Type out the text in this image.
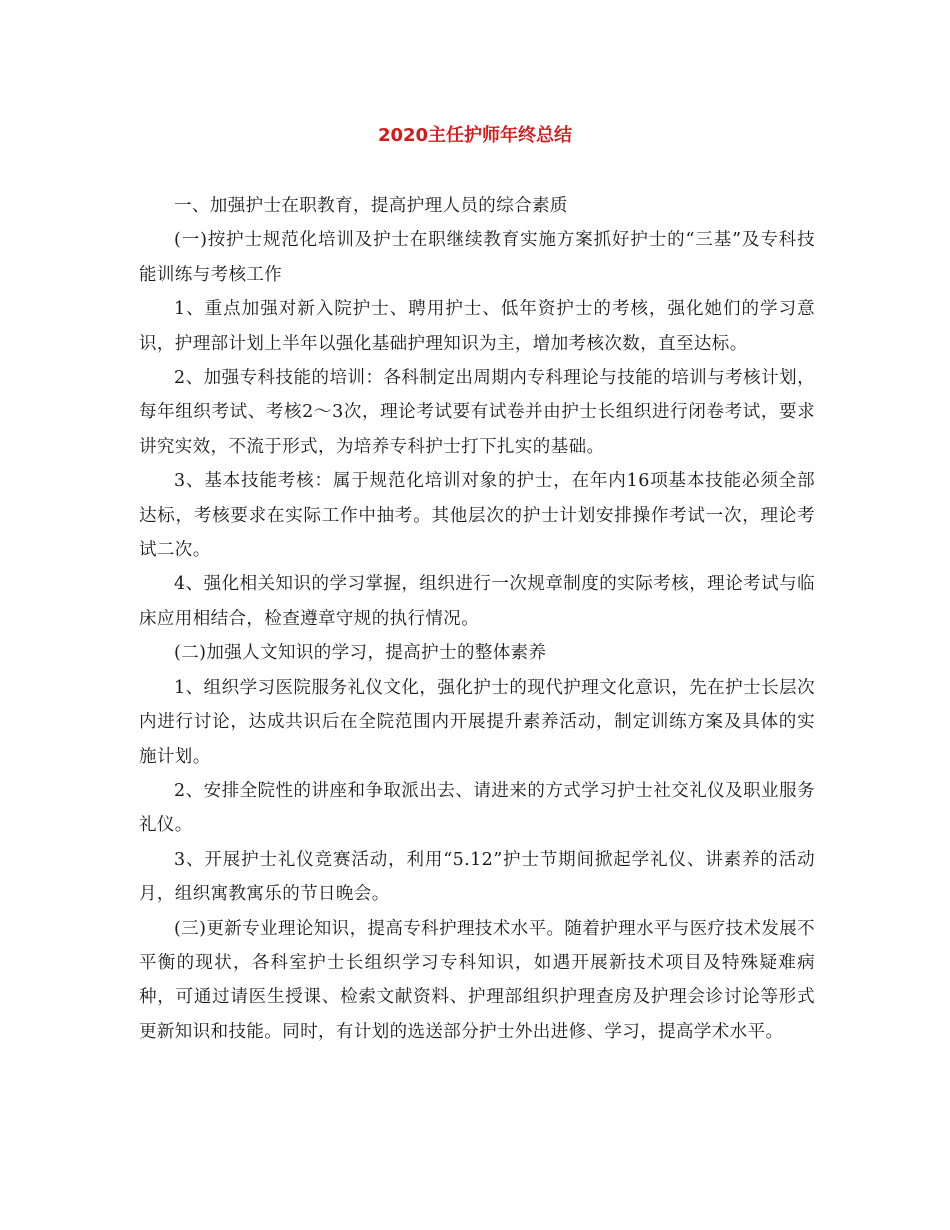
2020主任护师年终总结

一、加强护士在职教育，提高护理人员的综合素质

(一)按护士规范化培训及护士在职继续教育实施方案抓好护士的“三基”及专科技能训练与考核工作

1、重点加强对新入院护士、聘用护士、低年资护士的考核，强化她们的学习意识，护理部计划上半年以强化基础护理知识为主，增加考核次数，直至达标。

2、加强专科技能的培训：各科制定出周期内专科理论与技能的培训与考核计划，每年组织考试、考核2～3次，理论考试要有试卷并由护士长组织进行闭卷考试，要求讲究实效，不流于形式，为培养专科护士打下扎实的基础。

3、基本技能考核：属于规范化培训对象的护士，在年内16项基本技能必须全部达标，考核要求在实际工作中抽考。其他层次的护士计划安排操作考试一次，理论考试二次。

4、强化相关知识的学习掌握，组织进行一次规章制度的实际考核，理论考试与临床应用相结合，检查遵章守规的执行情况。

(二)加强人文知识的学习，提高护士的整体素养

1、组织学习医院服务礼仪文化，强化护士的现代护理文化意识，先在护士长层次内进行讨论，达成共识后在全院范围内开展提升素养活动，制定训练方案及具体的实施计划。

2、安排全院性的讲座和争取派出去、请进来的方式学习护士社交礼仪及职业服务礼仪。

3、开展护士礼仪竞赛活动，利用“5.12”护士节期间掀起学礼仪、讲素养的活动月，组织寓教寓乐的节日晚会。

(三)更新专业理论知识，提高专科护理技术水平。随着护理水平与医疗技术发展不平衡的现状，各科室护士长组织学习专科知识，如遇开展新技术项目及特殊疑难病种，可通过请医生授课、检索文献资料、护理部组织护理查房及护理会诊讨论等形式更新知识和技能。同时，有计划的选送部分护士外出进修、学习，提高学术水平。
